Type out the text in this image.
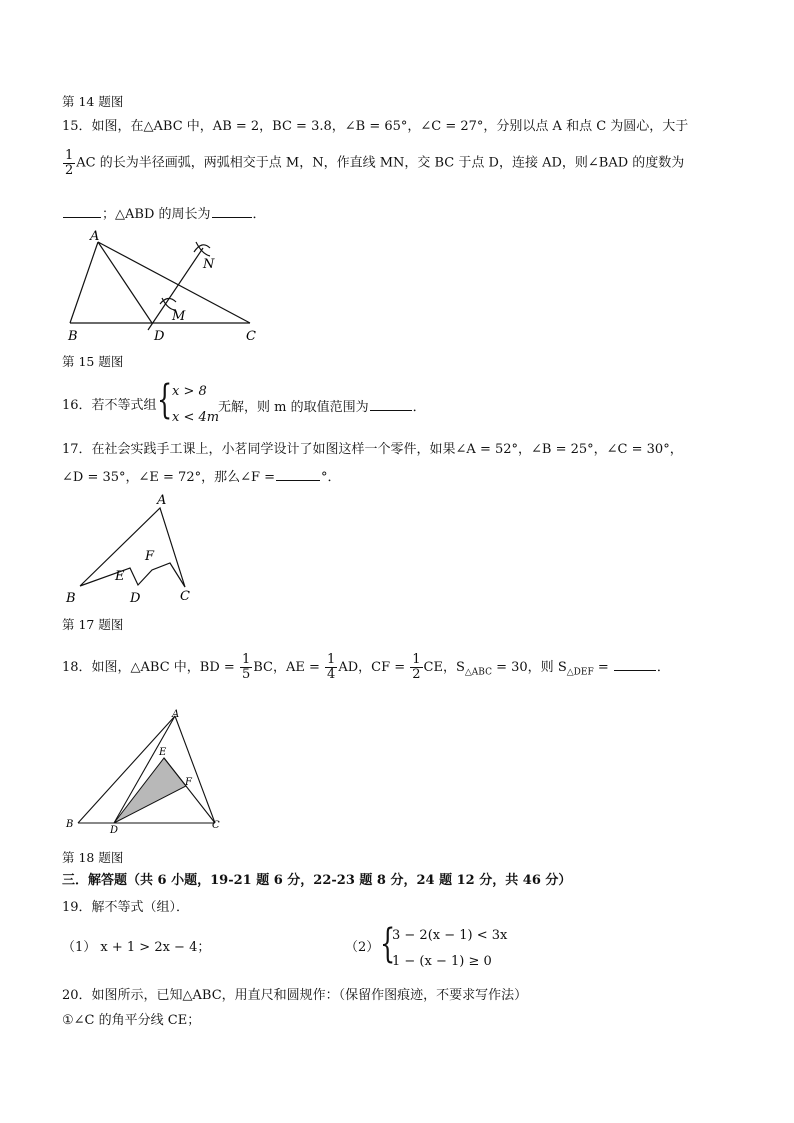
第 14 题图
15．如图，在△ABC 中，AB = 2，BC = 3.8，∠B = 65°，∠C = 27°，分别以点 A 和点 C 为圆心，大于
$\frac{1}{2}$ AC 的长为半径画弧，两弧相交于点 M，N，作直线 MN，交 BC 于点 D，连接 AD，则∠BAD 的度数为
；△ABD 的周长为	．
A
B	C
D
M
N
第 15 题图
16．若不等式组 { x > 8
x < 4m
无解，则 m 的取值范围为	．
17．在社会实践手工课上，小茗同学设计了如图这样一个零件，如果∠A = 52°，∠B = 25°，∠C = 30°，
∠D = 35°，∠E = 72°，那么∠F =	°．
A
B	C
D
E
F
第 17 题图
18．如图，△ABC 中，BD = $\frac{1}{5}$ BC，AE = $\frac{1}{4}$ AD，CF = $\frac{1}{2}$ CE，$S_{\triangle ABC} = 30$，则 $S_{\triangle DEF}$ =	．
A
B	C
D
E
F
第 18 题图
三．解答题（共 6 小题，19-21 题 6 分，22-23 题 8 分，24 题 12 分，共 46 分）
19．解不等式（组）．
（1） x + 1 > 2x − 4；	（2） {
3 − 2(x − 1) < 3x
1 − (x − 1) ≥ 0
20．如图所示，已知△ABC，用直尺和圆规作：（保留作图痕迹，不要求写作法）
①∠C 的角平分线 CE；
